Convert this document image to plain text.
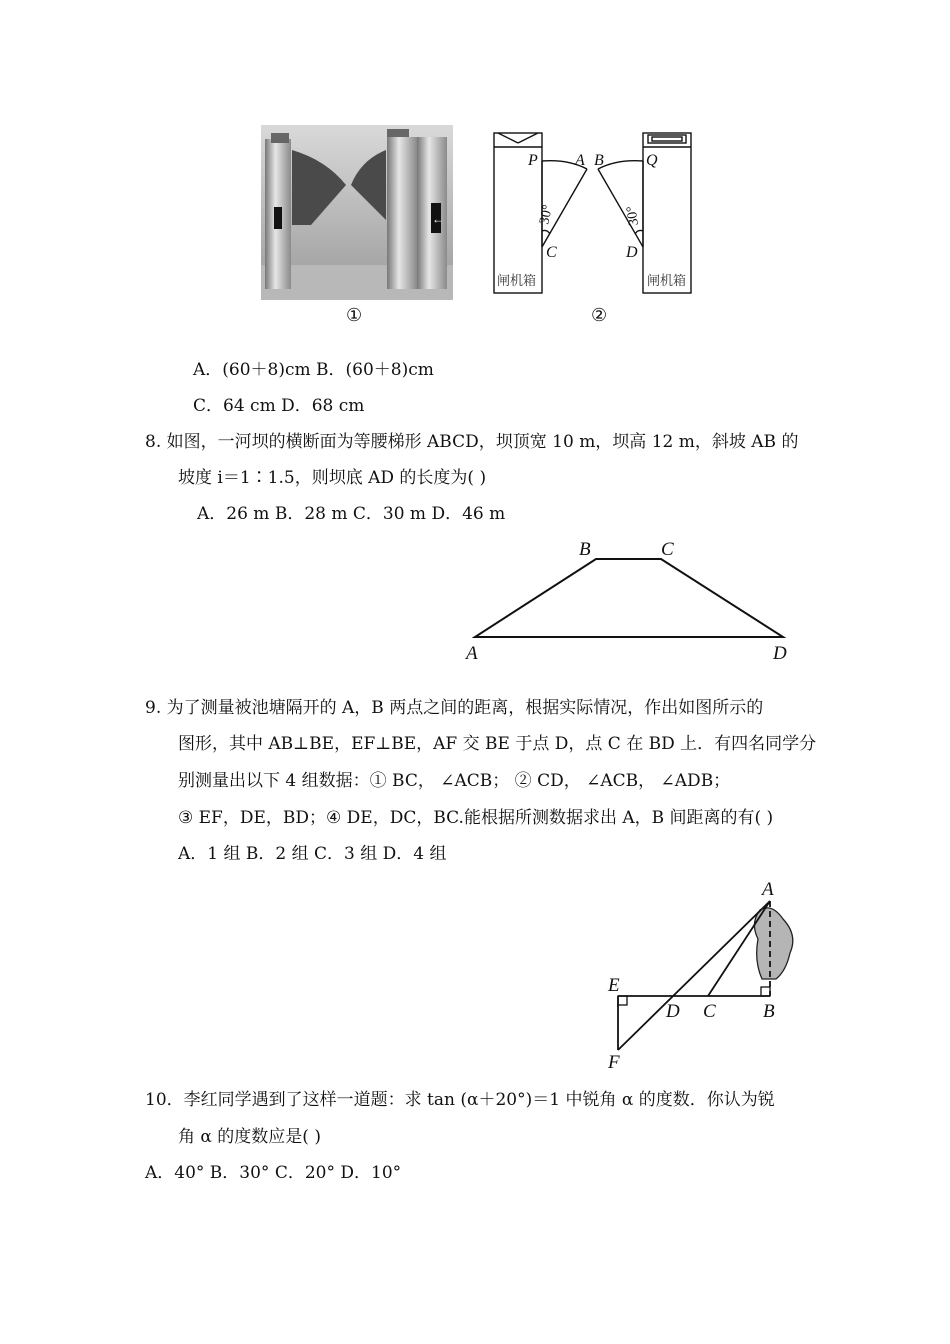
←
①
P A B	Q
C	D
30°	30°
闸机箱	闸机箱
②
A．(60＋8)cm B．(60＋8)cm
C．64 cm D．68 cm
8. 如图，一河坝的横断面为等腰梯形 ABCD，坝顶宽 10 m，坝高 12 m，斜坡 AB 的
坡度 i＝1∶1.5，则坝底 AD 的长度为( )
A．26 m B．28 m C．30 m D．46 m
A
B	C
D
9. 为了测量被池塘隔开的 A，B 两点之间的距离，根据实际情况，作出如图所示的
图形，其中 AB⊥BE，EF⊥BE，AF 交 BE 于点 D，点 C 在 BD 上．有四名同学分
别测量出以下 4 组数据：① BC， ∠ACB； ② CD， ∠ACB， ∠ADB；
③ EF，DE，BD；④ DE，DC，BC.能根据所测数据求出 A，B 间距离的有( )
A．1 组 B．2 组 C．3 组 D．4 组
A
B
C
D
E
F
10．李红同学遇到了这样一道题：求 tan (α＋20°)＝1 中锐角 α 的度数．你认为锐
角 α 的度数应是( )
A．40° B．30° C．20° D．10°
